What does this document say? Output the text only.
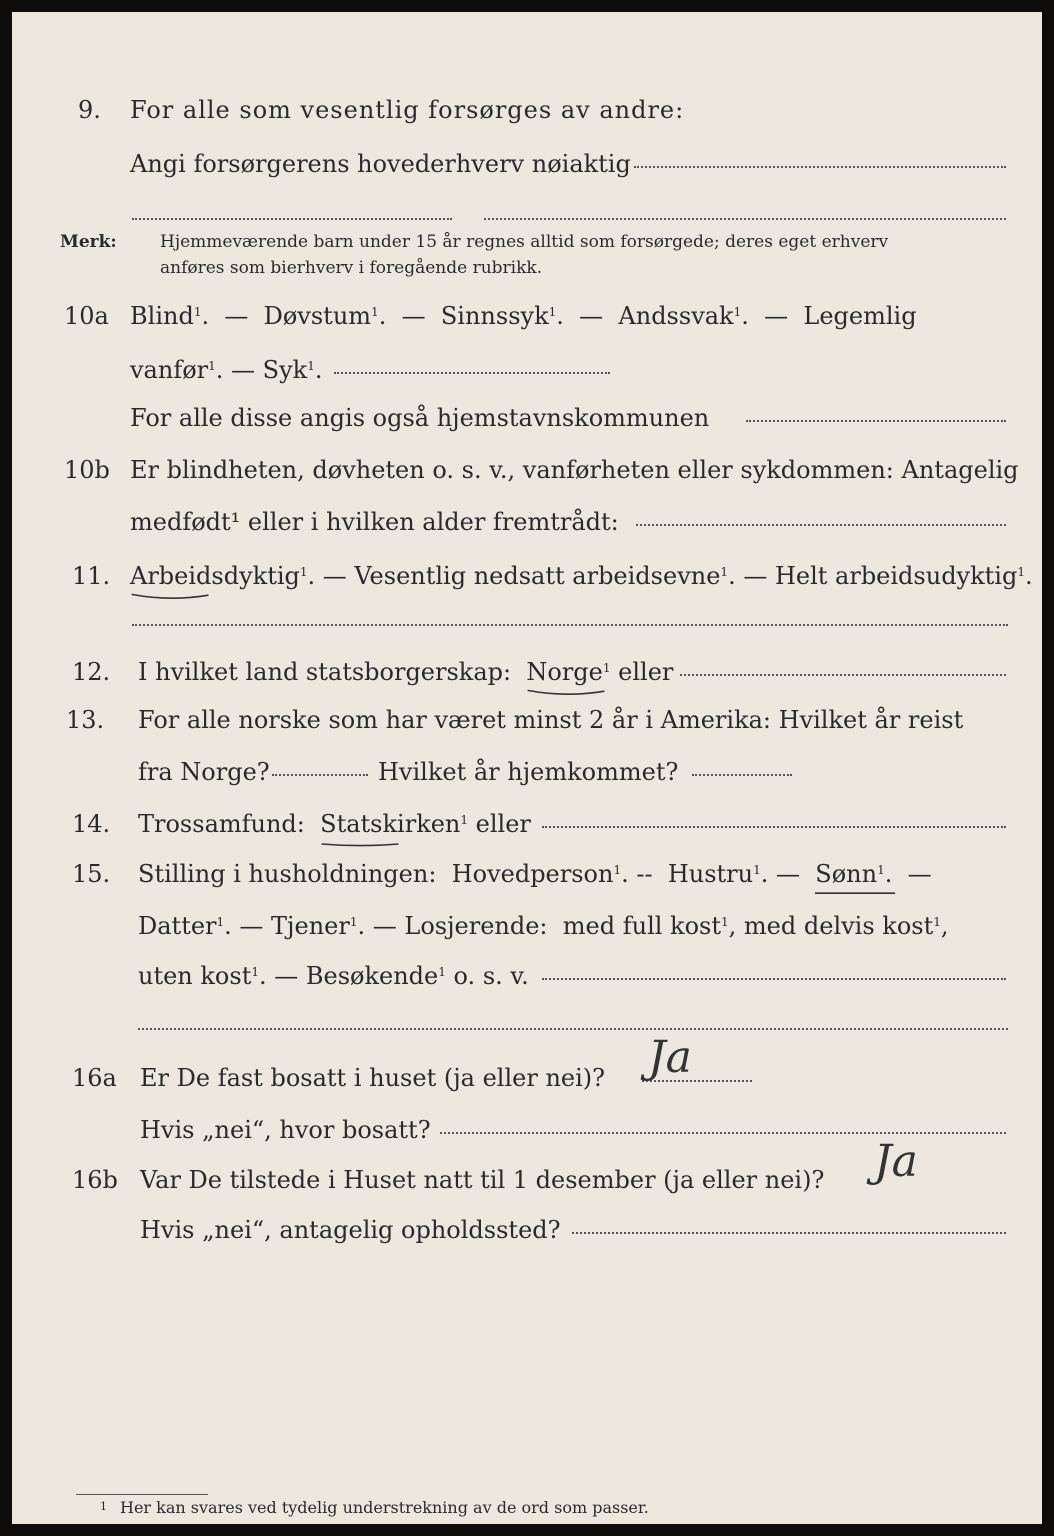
9. For alle som vesentlig forsørges av andre:
Angi forsørgerens hovederhverv nøiaktig
Merk:	Hjemmeværende barn under 15 år regnes alltid som forsørgede; deres eget erhverv
anføres som bierhverv i foregående rubrikk.
10a Blind$^1$.  —  Døvstum$^1$.  —  Sinnssyk$^1$.  —  Andssvak$^1$.  —  Legemlig
vanfør$^1$. — Syk$^1$.
For alle disse angis også hjemstavnskommunen
10b Er blindheten, døvheten o. s. v., vanførheten eller sykdommen: Antagelig
medfødt¹ eller i hvilken alder fremtrådt:
11. Arbeidsdyktig$^1$.
— Vesentlig nedsatt arbeidsevne$^1$. — Helt arbeidsudyktig$^1$.
12. I hvilket land statsborgerskap: Norge$^1$ eller
13. For alle norske som har været minst 2 år i Amerika: Hvilket år reist
fra Norge?	Hvilket år hjemkommet?
14. Trossamfund: Statskirken$^1$ eller
15. Stilling i husholdningen: Hovedperson$^1$. --  Hustru$^1$. —  Sønn$^1$.
—
Datter$^1$. — Tjener$^1$. — Losjerende: med full kost$^1$, med delvis kost$^1$,
uten kost$^1$. — Besøkende$^1$ o. s. v.
16a Er De fast bosatt i huset (ja eller nei)? Ja
Hvis „nei“, hvor bosatt?
16b Var De tilstede i Huset natt til 1 desember (ja eller nei)? Ja
Hvis „nei“, antagelig opholdssted?
1 Her kan svares ved tydelig understrekning av de ord som passer.
